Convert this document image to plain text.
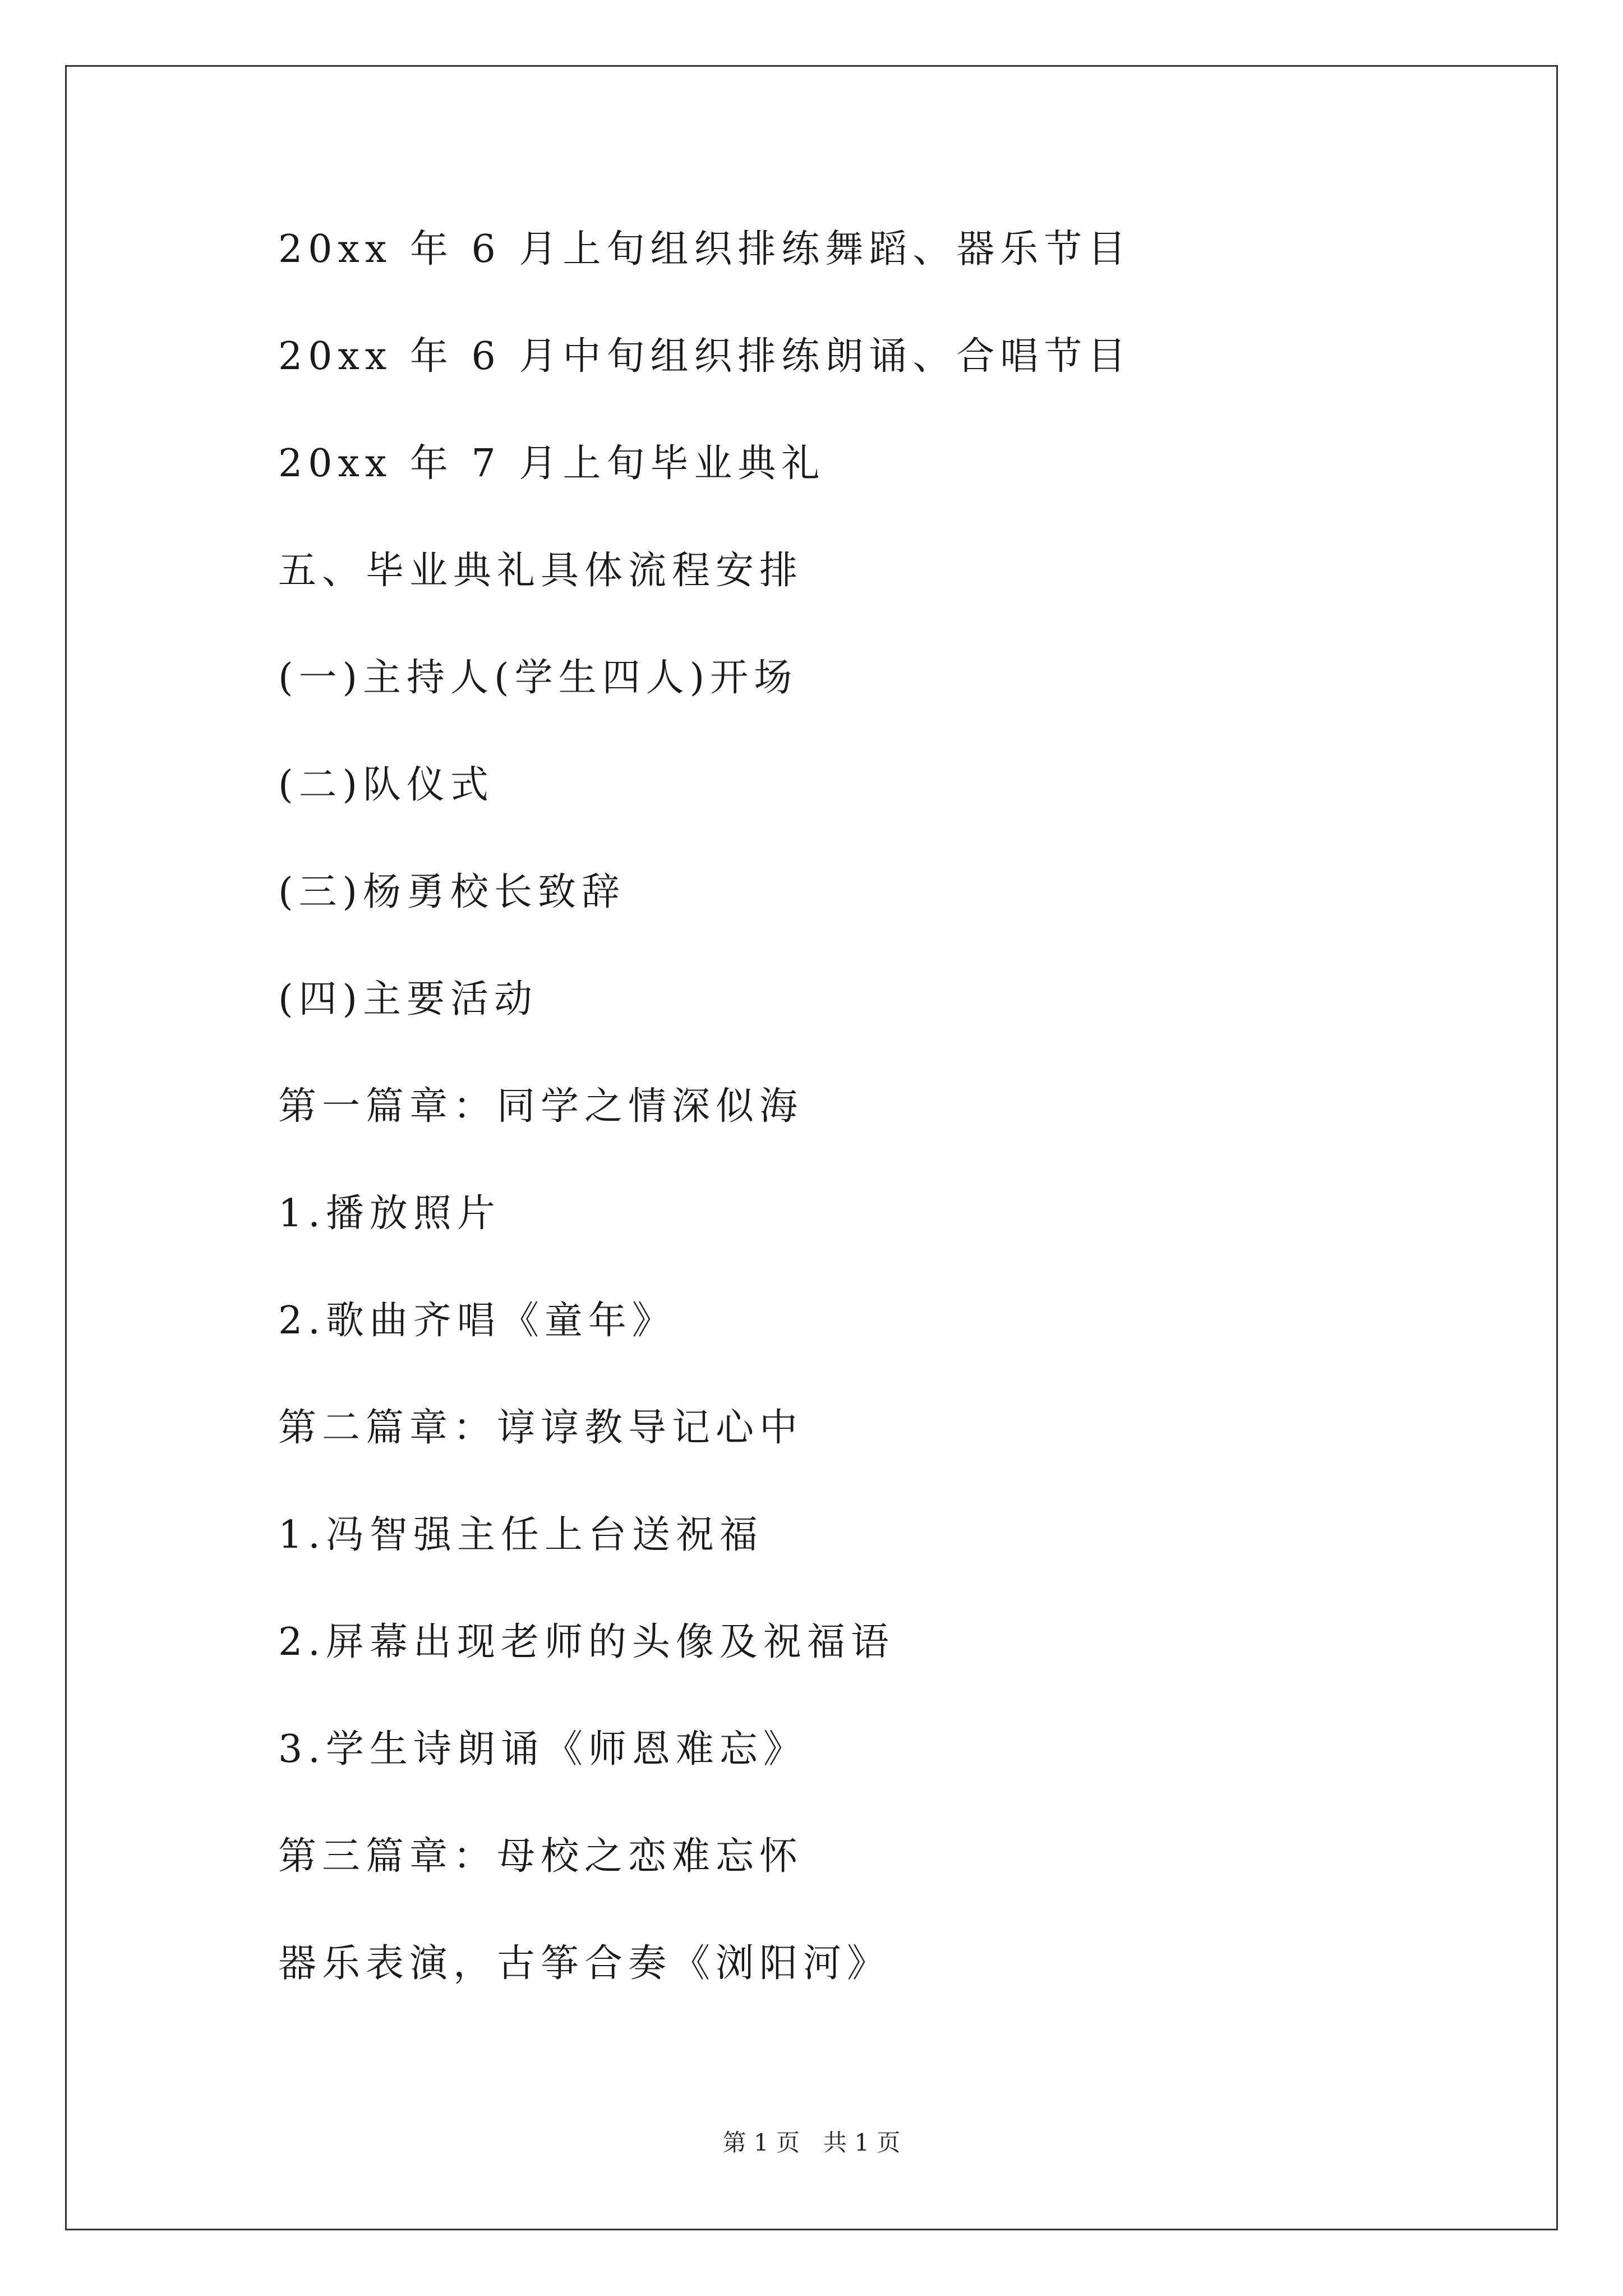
20xx 年 6 月上旬组织排练舞蹈、器乐节目
20xx 年 6 月中旬组织排练朗诵、合唱节目
20xx 年 7 月上旬毕业典礼
五、毕业典礼具体流程安排
(一)主持人(学生四人)开场
(二)队仪式
(三)杨勇校长致辞
(四)主要活动
第一篇章：同学之情深似海
1.播放照片
2.歌曲齐唱《童年》
第二篇章：谆谆教导记心中
1.冯智强主任上台送祝福
2.屏幕出现老师的头像及祝福语
3.学生诗朗诵《师恩难忘》
第三篇章：母校之恋难忘怀
器乐表演，古筝合奏《浏阳河》
第 1 页　共 1 页
